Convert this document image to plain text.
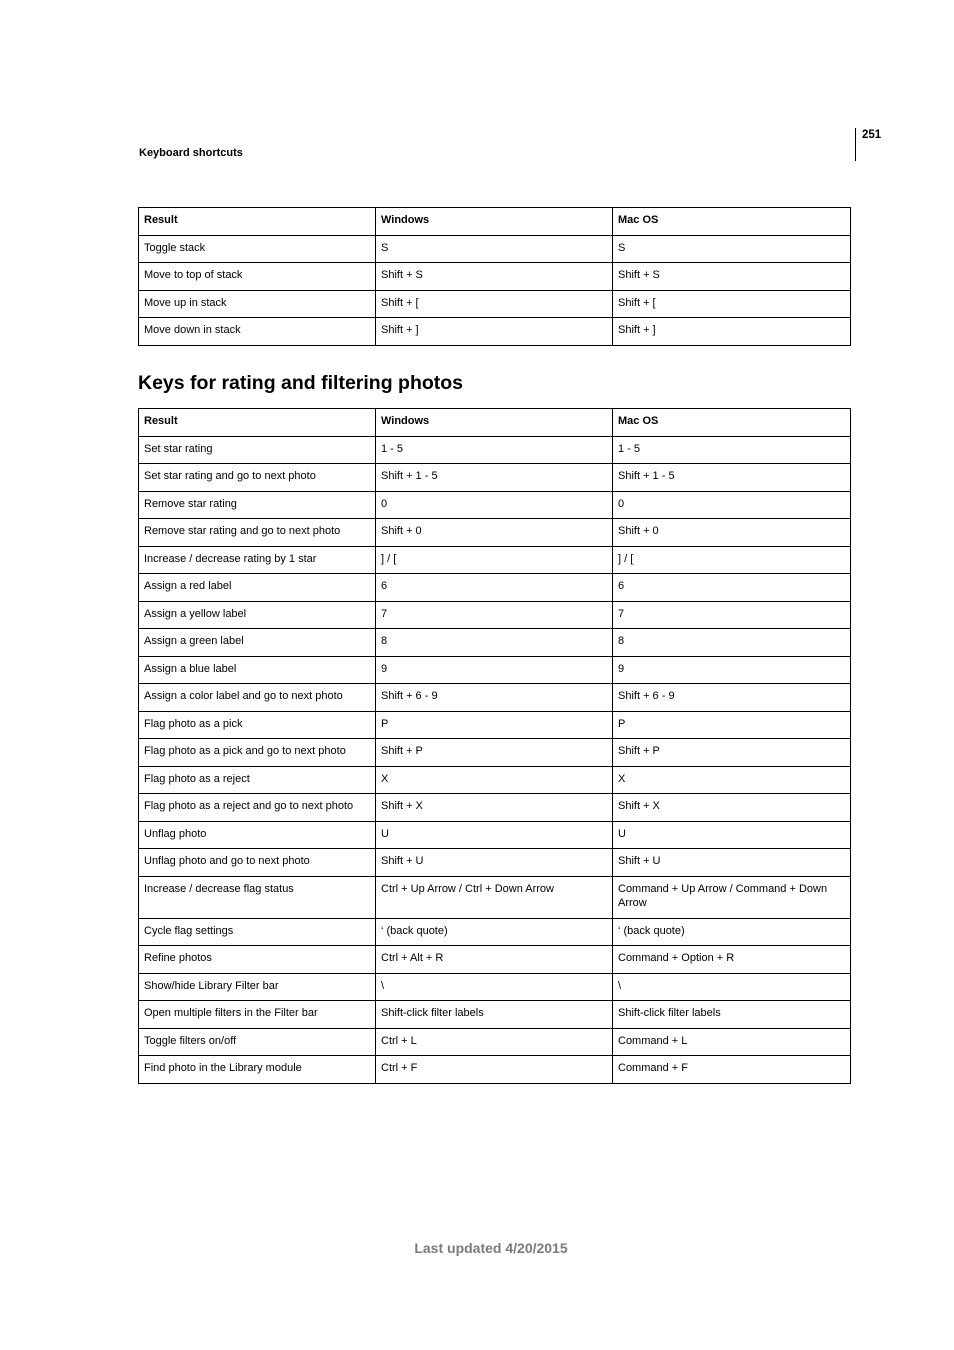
251
Keyboard shortcuts
Result	Windows	Mac OS
Toggle stack	S	S
Move to top of stack	Shift + S	Shift + S
Move up in stack	Shift + [	Shift + [
Move down in stack	Shift + ]	Shift + ]
Keys for rating and filtering photos
Result	Windows	Mac OS
Set star rating	1 - 5	1 - 5
Set star rating and go to next photo	Shift + 1 - 5	Shift + 1 - 5
Remove star rating	0	0
Remove star rating and go to next photo	Shift + 0	Shift + 0
Increase / decrease rating by 1 star	] / [	] / [
Assign a red label	6	6
Assign a yellow label	7	7
Assign a green label	8	8
Assign a blue label	9	9
Assign a color label and go to next photo	Shift + 6 - 9	Shift + 6 - 9
Flag photo as a pick	P	P
Flag photo as a pick and go to next photo	Shift + P	Shift + P
Flag photo as a reject	X	X
Flag photo as a reject and go to next photo	Shift + X	Shift + X
Unflag photo	U	U
Unflag photo and go to next photo	Shift + U	Shift + U
Increase / decrease flag status	Ctrl + Up Arrow / Ctrl + Down Arrow	Command + Up Arrow / Command + Down Arrow
Cycle flag settings	‘ (back quote)	‘ (back quote)
Refine photos	Ctrl + Alt + R	Command + Option + R
Show/hide Library Filter bar	\	\
Open multiple filters in the Filter bar	Shift-click filter labels	Shift-click filter labels
Toggle filters on/off	Ctrl + L	Command + L
Find photo in the Library module	Ctrl + F	Command + F
Last updated 4/20/2015
